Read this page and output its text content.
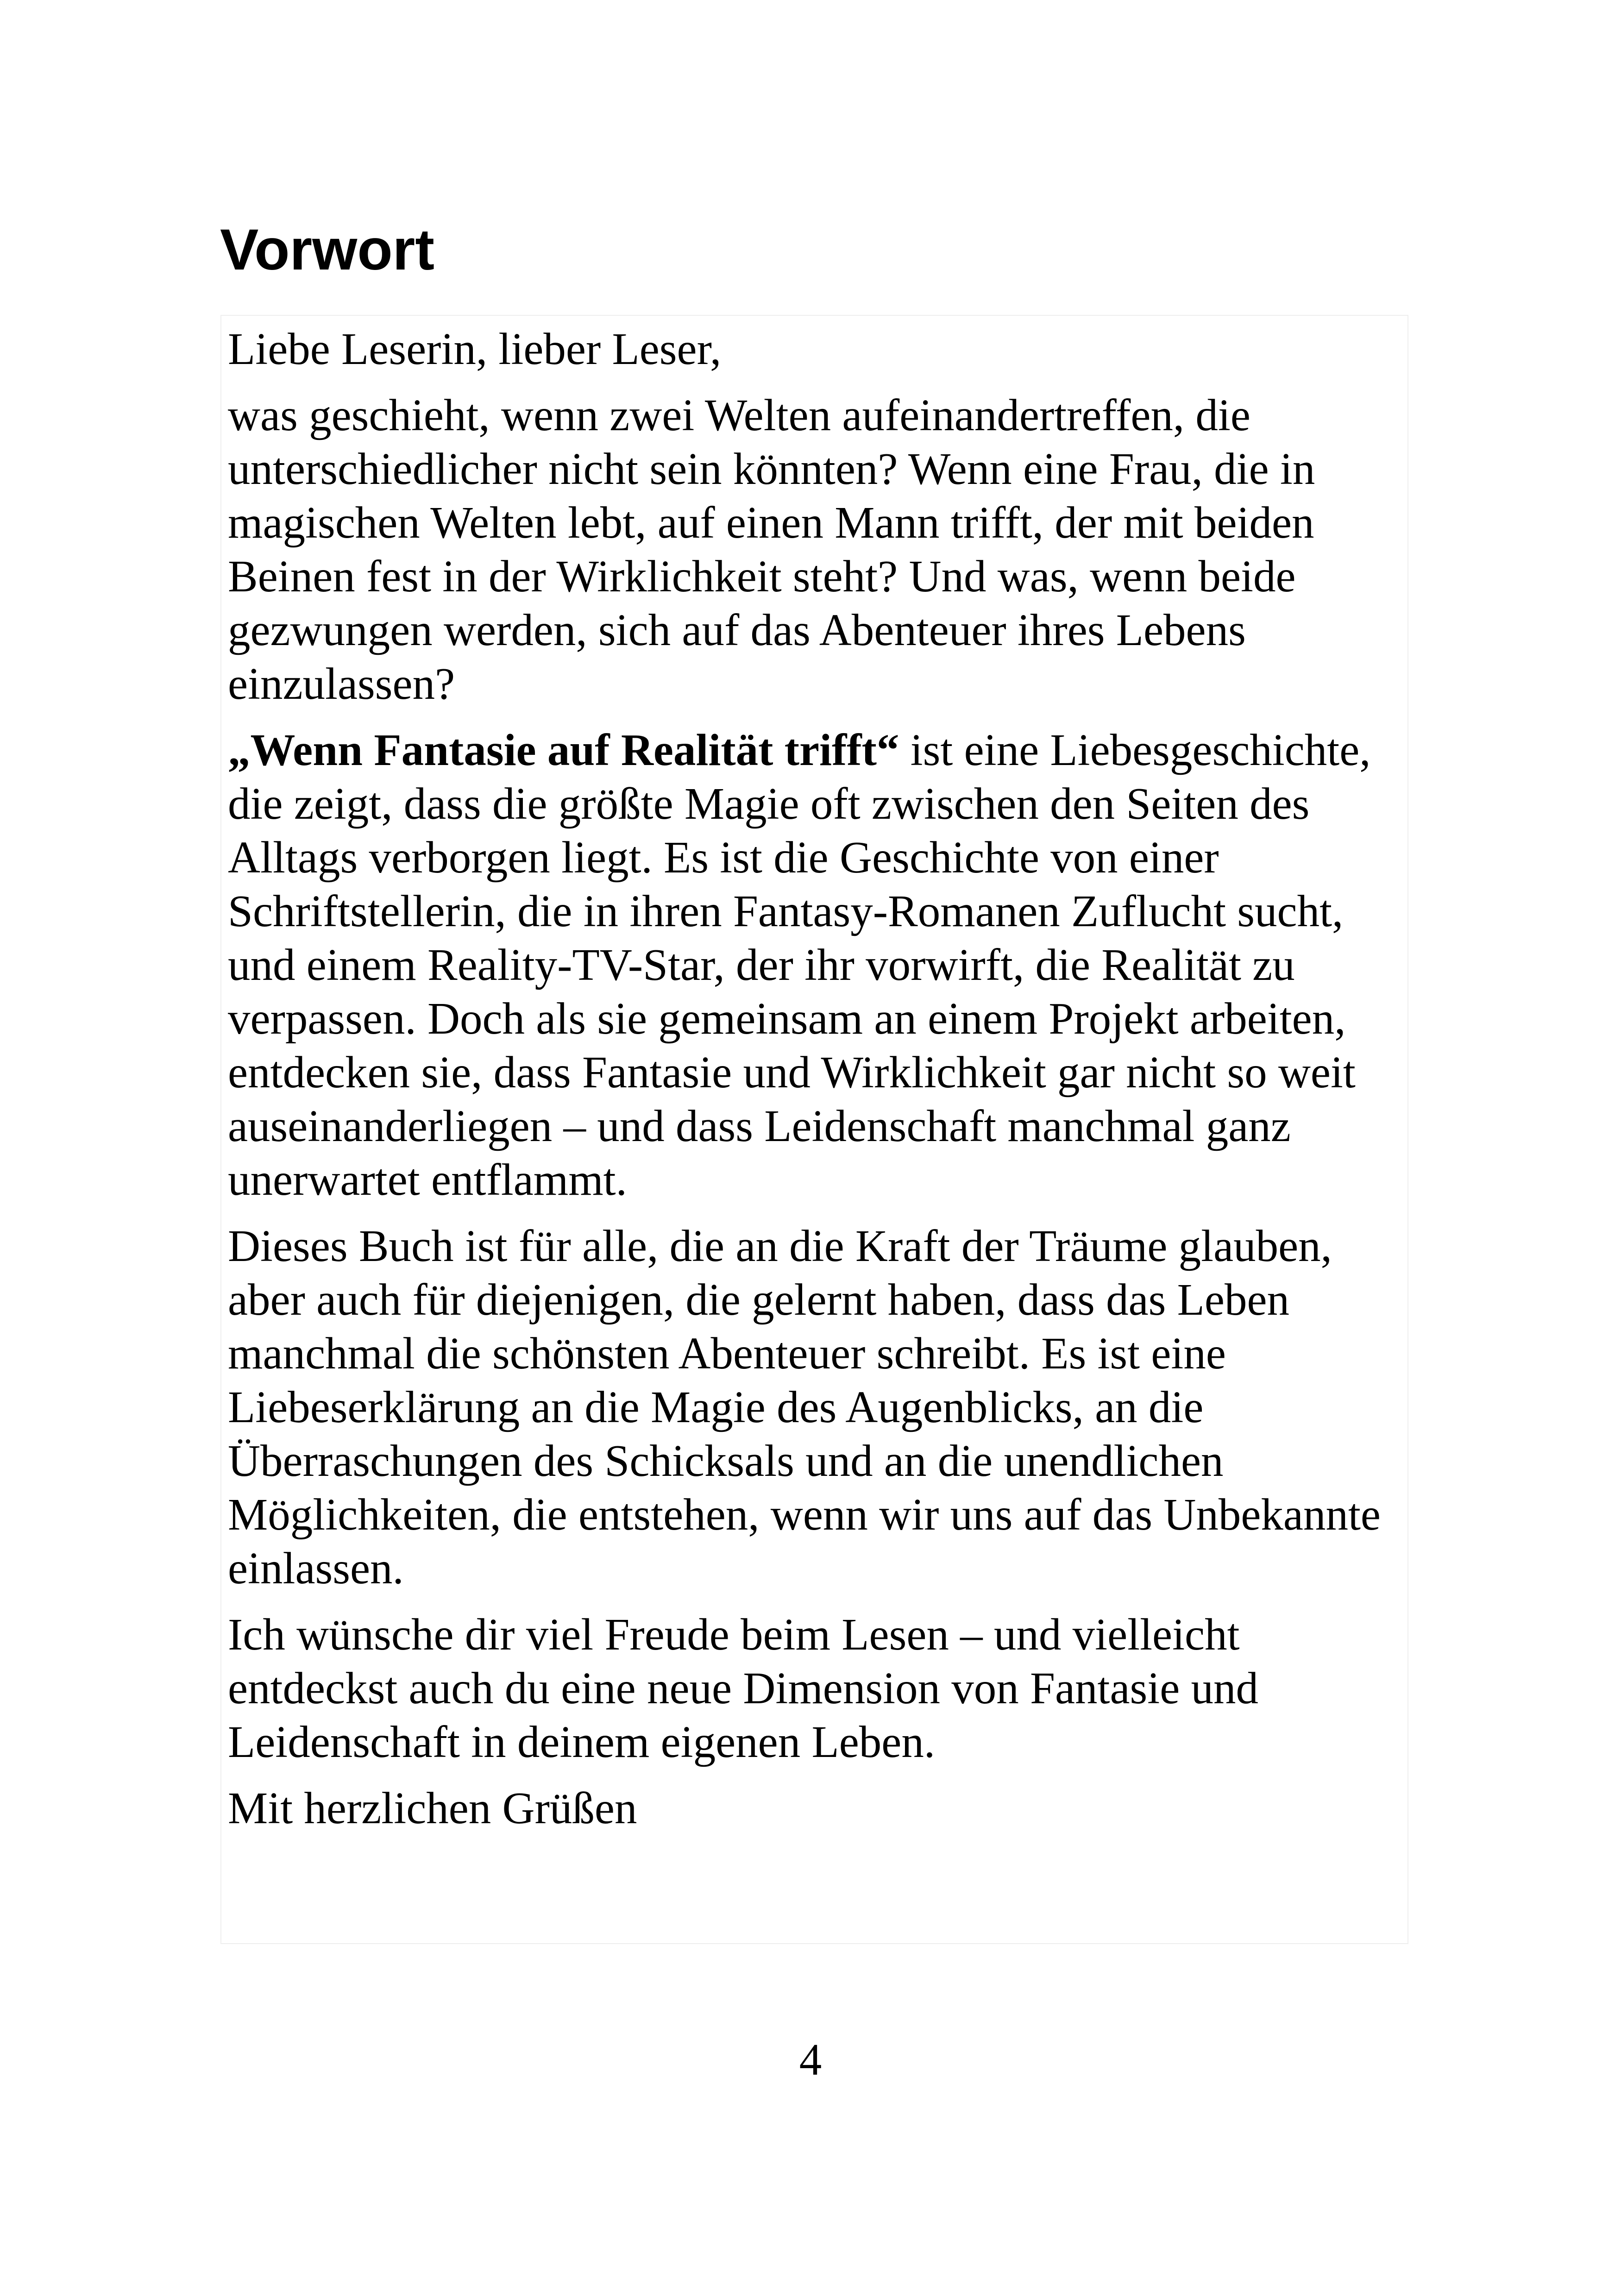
Vorwort

Liebe Leserin, lieber Leser,

was geschieht, wenn zwei Welten aufeinandertreffen, die unterschiedlicher nicht sein könnten? Wenn eine Frau, die in magischen Welten lebt, auf einen Mann trifft, der mit beiden Beinen fest in der Wirklichkeit steht? Und was, wenn beide gezwungen werden, sich auf das Abenteuer ihres Lebens einzulassen?

„Wenn Fantasie auf Realität trifft“ ist eine Liebesgeschichte, die zeigt, dass die größte Magie oft zwischen den Seiten des Alltags verborgen liegt. Es ist die Geschichte von einer Schriftstellerin, die in ihren Fantasy-Romanen Zuflucht sucht, und einem Reality-TV-Star, der ihr vorwirft, die Realität zu verpassen. Doch als sie gemeinsam an einem Projekt arbeiten, entdecken sie, dass Fantasie und Wirklichkeit gar nicht so weit auseinanderliegen – und dass Leidenschaft manchmal ganz unerwartet entflammt.

Dieses Buch ist für alle, die an die Kraft der Träume glauben, aber auch für diejenigen, die gelernt haben, dass das Leben manchmal die schönsten Abenteuer schreibt. Es ist eine Liebeserklärung an die Magie des Augenblicks, an die Überraschungen des Schicksals und an die unendlichen Möglichkeiten, die entstehen, wenn wir uns auf das Unbekannte einlassen.

Ich wünsche dir viel Freude beim Lesen – und vielleicht entdeckst auch du eine neue Dimension von Fantasie und Leidenschaft in deinem eigenen Leben.

Mit herzlichen Grüßen

4
